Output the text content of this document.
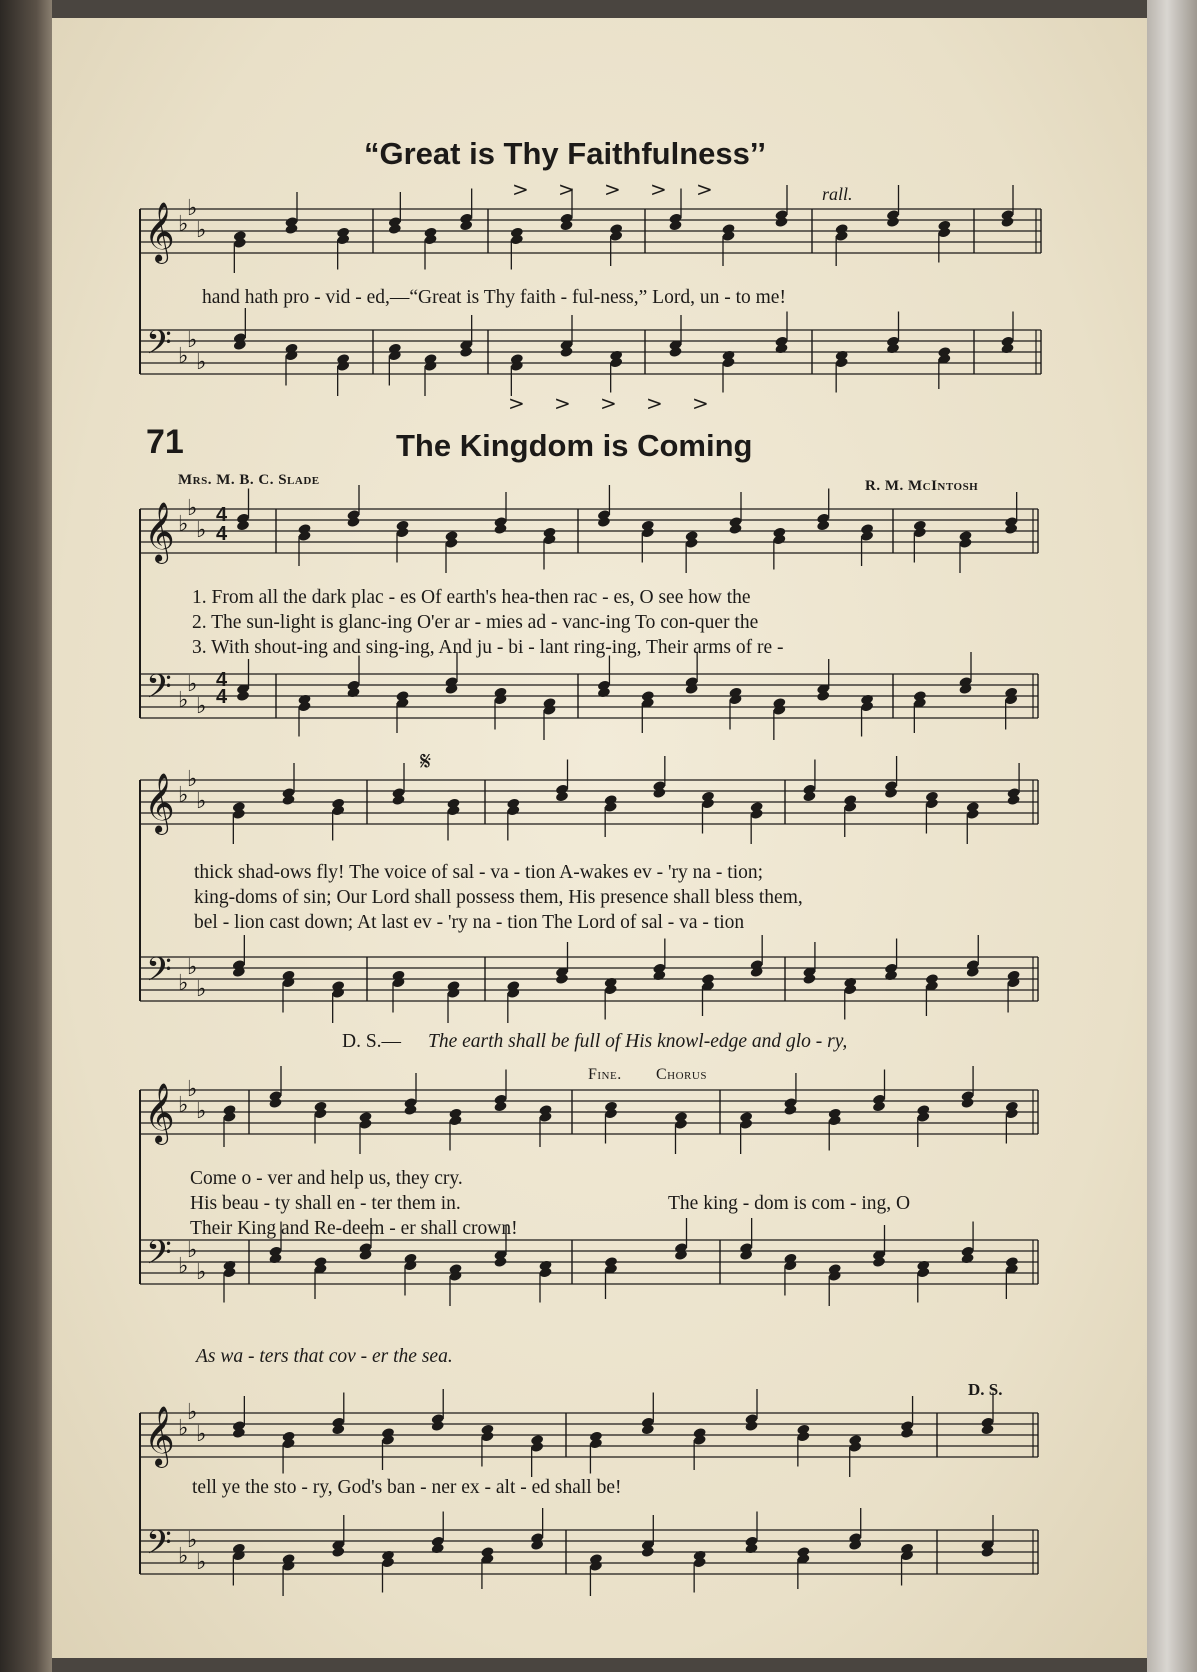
𝄞
𝄢
♭
♭
♭
♭
♭
♭
> > > > >
> > > > >
𝄞
𝄢
♭
♭
♭
♭
♭
♭
4
4
4
4
𝄞
𝄢
♭
♭
♭
♭
♭
♭
𝄋
𝄞
𝄢
♭
♭
♭
♭
♭
♭
𝄞
𝄢
♭
♭
♭
♭
♭
♭
“Great is Thy Faithfulness’’
rall.
hand hath pro - vid - ed,—“Great is Thy faith - ful-ness,” Lord, un - to me!
71	The Kingdom is Coming
Mrs. M. B. C. Slade	R. M. McIntosh
1. From all the dark plac - es Of earth's hea-then rac - es, O see how the
2. The sun-light is glanc-ing O'er ar - mies ad - vanc-ing To con-quer the
3. With shout-ing and sing-ing, And ju - bi - lant ring-ing, Their arms of re -
thick shad-ows fly! The voice of sal - va - tion A-wakes ev - 'ry na - tion;
king-doms of sin; Our Lord shall possess them, His presence shall bless them,
bel - lion cast down; At last ev - 'ry na - tion The Lord of sal - va - tion
D. S.— The earth shall be full of His knowl-edge and glo - ry,
Fine. Chorus
Come o - ver and help us, they cry.
His beau - ty shall en - ter them in.
Their King and Re-deem - er shall crown!
The king - dom is com - ing, O
As wa - ters that cov - er the sea.
D. S.
tell ye the sto - ry, God's ban - ner ex - alt - ed shall be!
